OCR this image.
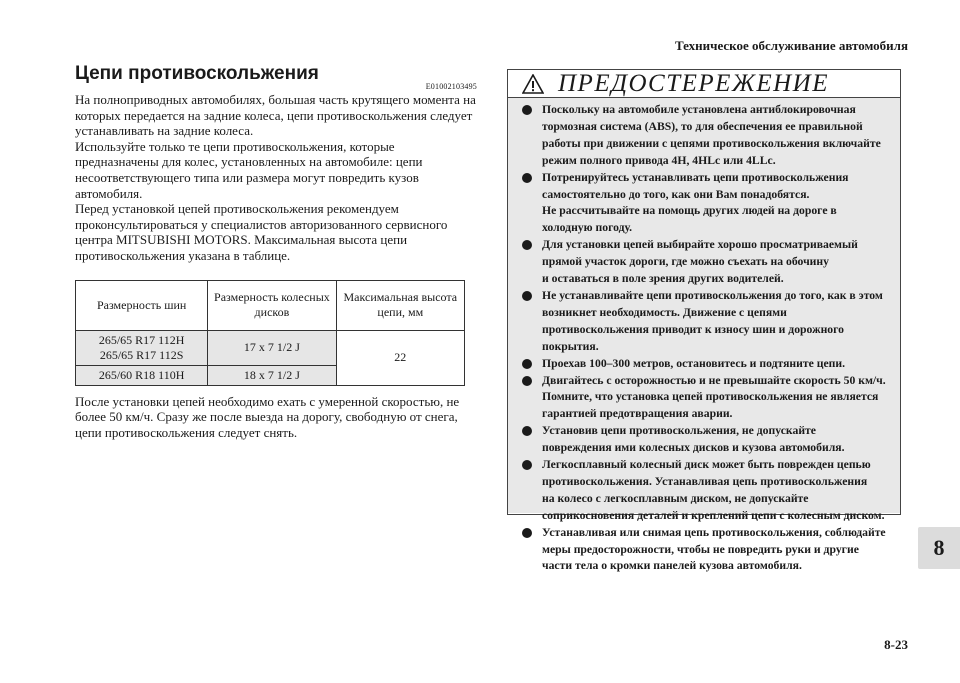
Техническое обслуживание автомобиля
Цепи противоскольжения
E01002103495

На полноприводных автомобилях, большая часть крутящего момента на которых передается на задние колеса, цепи противоскольжения следует устанавливать на задние колеса.

Используйте только те цепи противоскольжения, которые предназначены для колес, установленных на автомобиле: цепи несоответствующего типа или размера могут повредить кузов автомобиля.

Перед установкой цепей противоскольжения рекомендуем проконсультироваться у специалистов авторизованного сервисного центра MITSUBISHI MOTORS. Максимальная высота цепи противоскольжения указана в таблице.

Размерность шин	Размерность колесных дисков	Максимальная высота цепи, мм

265/65 R17 112H
265/65 R17 112S	17 x 7 1/2 J	22
265/60 R18 110H	18 x 7 1/2 J	

После установки цепей необходимо ехать с умеренной скоростью, не более 50 км/ч. Сразу же после выезда на дорогу, свободную от снега, цепи противоскольжения следует снять.

ПРЕДОСТЕРЕЖЕНИЕ
Поскольку на автомобиле установлена антиблокировочная
тормозная система (ABS), то для обеспечения ее правильной
работы при движении с цепями противоскольжения включайте
режим полного привода 4H, 4HLc или 4LLc.
Потренируйтесь устанавливать цепи противоскольжения
самостоятельно до того, как они Вам понадобятся.
Не рассчитывайте на помощь других людей на дороге в
холодную погоду.
Для установки цепей выбирайте хорошо просматриваемый
прямой участок дороги, где можно съехать на обочину
и оставаться в поле зрения других водителей.
Не устанавливайте цепи противоскольжения до того, как в этом
возникнет необходимость. Движение с цепями
противоскольжения приводит к износу шин и дорожного
покрытия.
Проехав 100–300 метров, остановитесь и подтяните цепи.
Двигайтесь с осторожностью и не превышайте скорость 50 км/ч.
Помните, что установка цепей противоскольжения не является
гарантией предотвращения аварии.
Установив цепи противоскольжения, не допускайте
повреждения ими колесных дисков и кузова автомобиля.
Легкосплавный колесный диск может быть поврежден цепью
противоскольжения. Устанавливая цепь противоскольжения
на колесо с легкосплавным диском, не допускайте
соприкосновения деталей и креплений цепи с колесным диском.
Устанавливая или снимая цепь противоскольжения, соблюдайте
меры предосторожности, чтобы не повредить руки и другие
части тела о кромки панелей кузова автомобиля.
8-23
8
